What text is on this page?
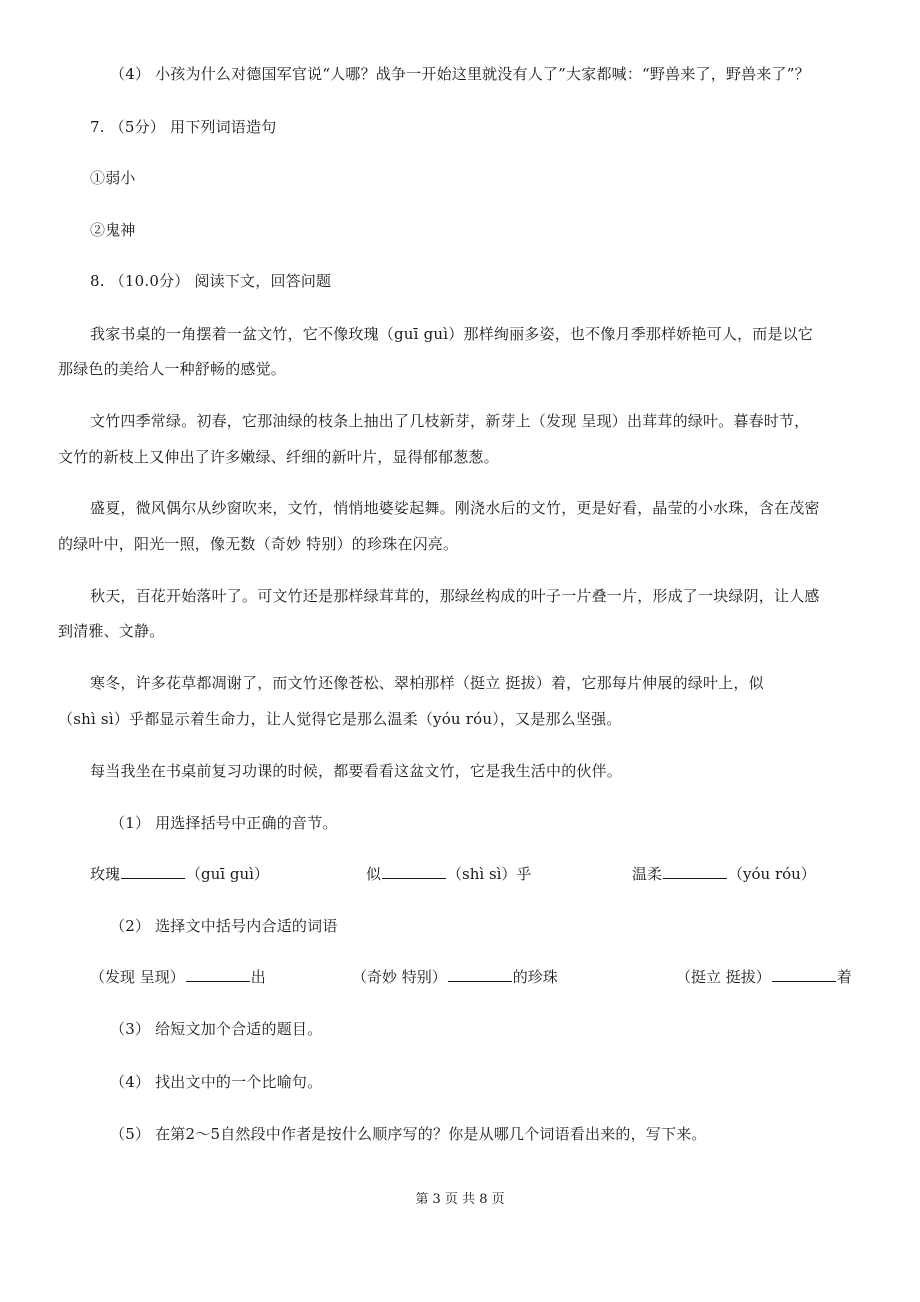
（4） 小孩为什么对德国军官说“人哪？战争一开始这里就没有人了”大家都喊：“野兽来了，野兽来了”？
7. （5分） 用下列词语造句
①弱小
②鬼神
8. （10.0分） 阅读下文，回答问题
我家书桌的一角摆着一盆文竹，它不像玫瑰（guī guì）那样绚丽多姿，也不像月季那样娇艳可人，而是以它
那绿色的美给人一种舒畅的感觉。
文竹四季常绿。初春，它那油绿的枝条上抽出了几枝新芽，新芽上（发现 呈现）出茸茸的绿叶。暮春时节，
文竹的新枝上又伸出了许多嫩绿、纤细的新叶片，显得郁郁葱葱。
盛夏，微风偶尔从纱窗吹来，文竹，悄悄地婆娑起舞。刚浇水后的文竹，更是好看，晶莹的小水珠，含在茂密
的绿叶中，阳光一照，像无数（奇妙 特别）的珍珠在闪亮。
秋天，百花开始落叶了。可文竹还是那样绿茸茸的，那绿丝构成的叶子一片叠一片，形成了一块绿阴，让人感
到清雅、文静。
寒冬，许多花草都凋谢了，而文竹还像苍松、翠柏那样（挺立 挺拔）着，它那每片伸展的绿叶上，似
（shì sì）乎都显示着生命力，让人觉得它是那么温柔（yóu róu），又是那么坚强。
每当我坐在书桌前复习功课的时候，都要看看这盆文竹，它是我生活中的伙伴。
（1） 用选择括号中正确的音节。
玫瑰	（guī guì）	似	（shì sì）乎	温柔	（yóu róu）
（2） 选择文中括号内合适的词语
（发现 呈现）	出	（奇妙 特别）	的珍珠	（挺立 挺拔）	着
（3） 给短文加个合适的题目。
（4） 找出文中的一个比喻句。
（5） 在第2～5自然段中作者是按什么顺序写的？你是从哪几个词语看出来的，写下来。
第 3 页 共 8 页
